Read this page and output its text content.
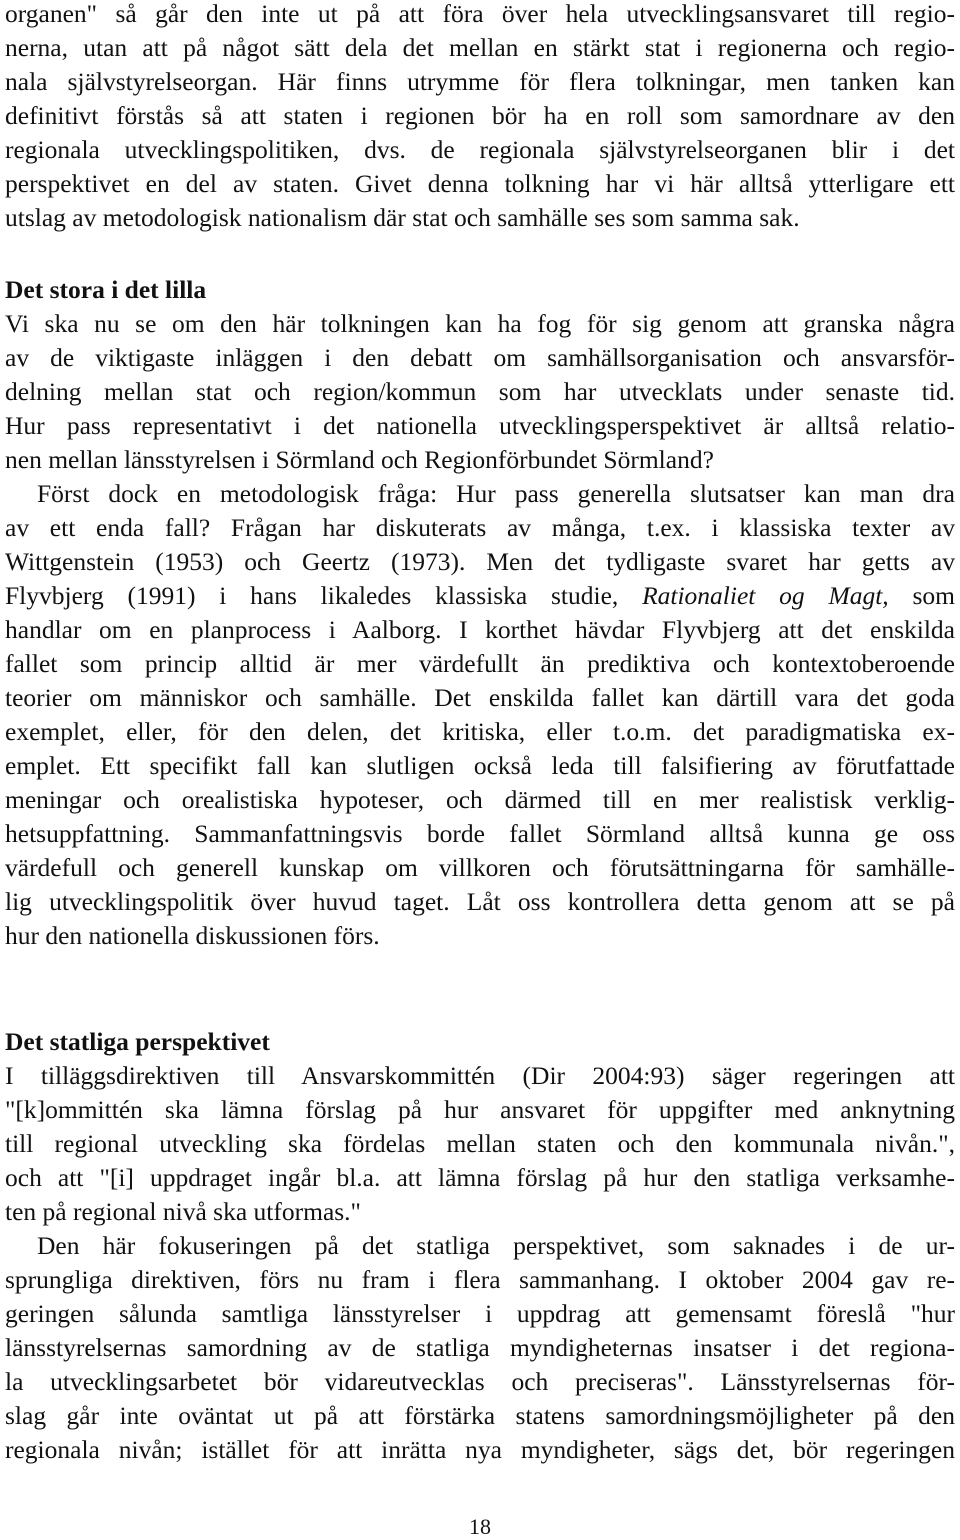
organen" så går den inte ut på att föra över hela utvecklingsansvaret till regio-

nerna, utan att på något sätt dela det mellan en stärkt stat i regionerna och regio-

nala självstyrelseorgan. Här finns utrymme för flera tolkningar, men tanken kan

definitivt förstås så att staten i regionen bör ha en roll som samordnare av den

regionala utvecklingspolitiken, dvs. de regionala självstyrelseorganen blir i det

perspektivet en del av staten. Givet denna tolkning har vi här alltså ytterligare ett

utslag av metodologisk nationalism där stat och samhälle ses som samma sak.

Det stora i det lilla

Vi ska nu se om den här tolkningen kan ha fog för sig genom att granska några

av de viktigaste inläggen i den debatt om samhällsorganisation och ansvarsför-

delning mellan stat och region/kommun som har utvecklats under senaste tid.

Hur pass representativt i det nationella utvecklingsperspektivet är alltså relatio-

nen mellan länsstyrelsen i Sörmland och Regionförbundet Sörmland?

Först dock en metodologisk fråga: Hur pass generella slutsatser kan man dra

av ett enda fall? Frågan har diskuterats av många, t.ex. i klassiska texter av

Wittgenstein (1953) och Geertz (1973). Men det tydligaste svaret har getts av

Flyvbjerg (1991) i hans likaledes klassiska studie, Rationaliet og Magt, som

handlar om en planprocess i Aalborg. I korthet hävdar Flyvbjerg att det enskilda

fallet som princip alltid är mer värdefullt än prediktiva och kontextoberoende

teorier om människor och samhälle. Det enskilda fallet kan därtill vara det goda

exemplet, eller, för den delen, det kritiska, eller t.o.m. det paradigmatiska ex-

emplet. Ett specifikt fall kan slutligen också leda till falsifiering av förutfattade

meningar och orealistiska hypoteser, och därmed till en mer realistisk verklig-

hetsuppfattning. Sammanfattningsvis borde fallet Sörmland alltså kunna ge oss

värdefull och generell kunskap om villkoren och förutsättningarna för samhälle-

lig utvecklingspolitik över huvud taget. Låt oss kontrollera detta genom att se på

hur den nationella diskussionen förs.

Det statliga perspektivet

I tilläggsdirektiven till Ansvarskommittén (Dir 2004:93) säger regeringen att

"[k]ommittén ska lämna förslag på hur ansvaret för uppgifter med anknytning

till regional utveckling ska fördelas mellan staten och den kommunala nivån.",

och att "[i] uppdraget ingår bl.a. att lämna förslag på hur den statliga verksamhe-

ten på regional nivå ska utformas."

Den här fokuseringen på det statliga perspektivet, som saknades i de ur-

sprungliga direktiven, förs nu fram i flera sammanhang. I oktober 2004 gav re-

geringen sålunda samtliga länsstyrelser i uppdrag att gemensamt föreslå "hur

länsstyrelsernas samordning av de statliga myndigheternas insatser i det regiona-

la utvecklingsarbetet bör vidareutvecklas och preciseras". Länsstyrelsernas för-

slag går inte oväntat ut på att förstärka statens samordningsmöjligheter på den

regionala nivån; istället för att inrätta nya myndigheter, sägs det, bör regeringen

18
